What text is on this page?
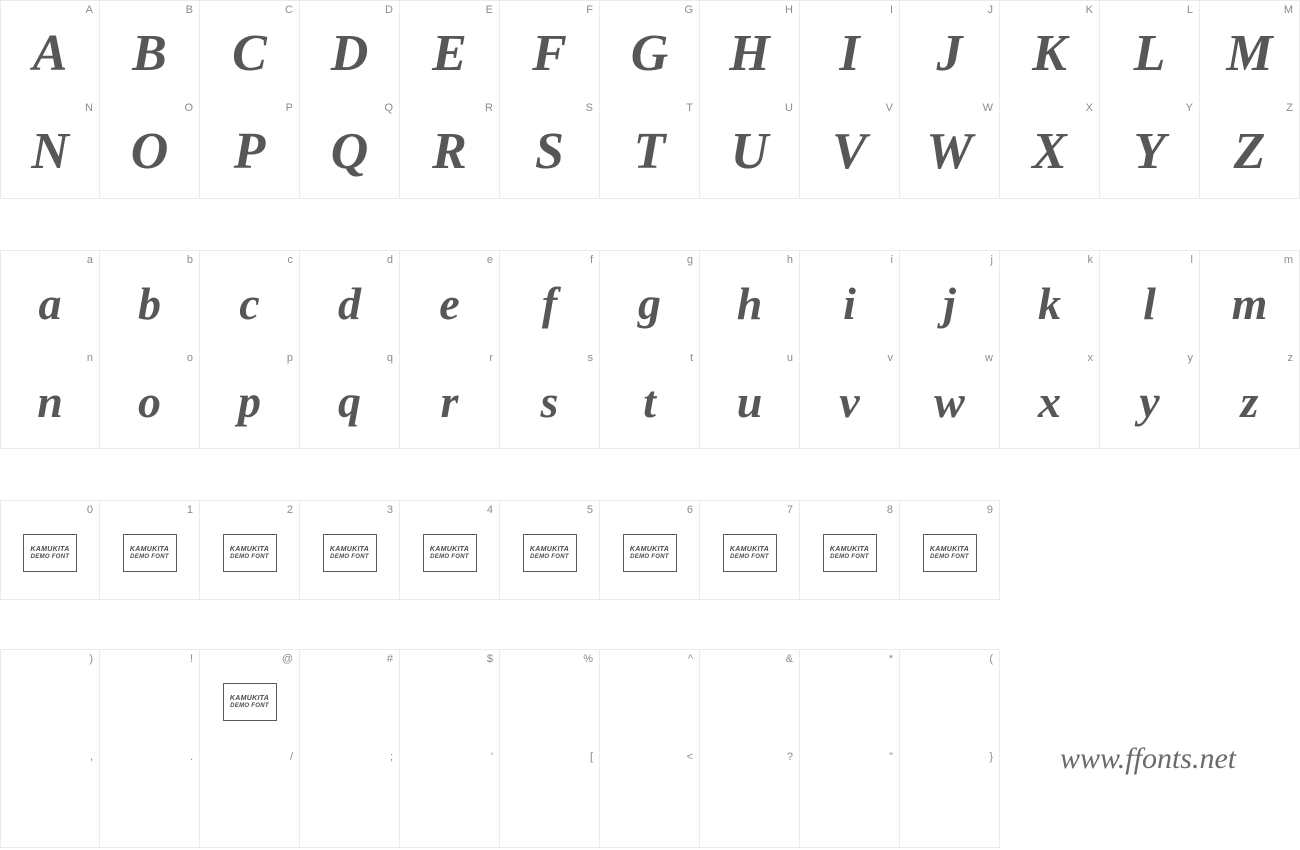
A
A
B
B
C
C
D
D
E
E
F
F
G
G
H
H
I
I
J
J
K
K
L
L
M
M
N
N
O
O
P
P
Q
Q
R
R
S
S
T
T
U
U
V
V
W
W
X
X
Y
Y
Z
Z
a
a
b
b
c
c
d
d
e
e
f
f
g
g
h
h
i
i
j
j
k
k
l
l
m
m
n
n
o
o
p
p
q
q
r
r
s
s
t
t
u
u
v
v
w
w
x
x
y
y
z
z
0
KAMUKITA
DEMO FONT
1
KAMUKITA
DEMO FONT
2
KAMUKITA
DEMO FONT
3
KAMUKITA
DEMO FONT
4
KAMUKITA
DEMO FONT
5
KAMUKITA
DEMO FONT
6
KAMUKITA
DEMO FONT
7
KAMUKITA
DEMO FONT
8
KAMUKITA
DEMO FONT
9
KAMUKITA
DEMO FONT
)	!	@
KAMUKITA
DEMO FONT
#	$	%	^	&	*	(
,	.	/	;	'	[	<	?	"	} www.ffonts.net
